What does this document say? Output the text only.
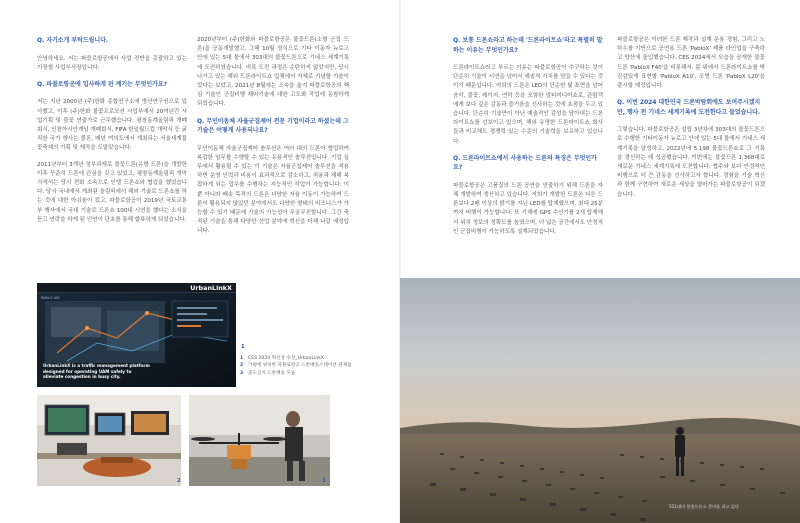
Q. 자기소개 부탁드립니다.

안녕하세요. 저는 파블로항공에서 사업 전반을 총괄하고 있는 이장철 사업부사장입니다.

Q. 파블로항공에 입사하게 된 계기는 무엇인가요?

저는 지난 2000년 (주)한화 종합연구소에 방산연구원으로 입사했고, 이후 (주)한화 불꽃프로모션 사업부에서 20여년간 사업기획 및 불꽃 연출가로 근무했습니다. 평창동계올림픽 개폐회식, 인천아시안게임 개폐회식, FIFA 한일월드컵 개막식 등 굵직한 국가 행사는 물론, 매년 여의도에서 개최되는 서울세계불꽃축제의 기획 및 제작을 도맡았습니다.

2011년부터 3개년 정부과제로 불꽃드론(유형 드론)을 개발한 이후 꾸준히 드론에 관심을 갖고 있었고, 평창동계올림픽 개막식에서는 당시 전화 소속으로 인텔 드론쇼와 협업을 했었습니다. 당시 국내에서 개최된 올림픽에서 해외 기술로 드론쇼를 하는 것에 대한 아쉬움이 컸고, 파블로항공이 2019년 국토교통부 행사에서 국내 기술로 드론쇼 100대 시연을 했다는 소식을 듣고 연락을 하게 된 인연이 단초를 통해 합류하게 되었습니다.

2020년부터 (주)한화와 파블로항공은 불꽃드론(소형 군집 드론)을 공동개발했고, 그해 10월 정식으로 기타 이동자 뉴로고 안에 있는 5대 물에서 303대의 불꽃드론으로 기네스 세계기록에 도전하였습니다. 비록 도전 과정은 순탄하지 않았지만, 당시 나가고 있는 해외 드론라이트쇼 업체에서 자체로 기념할 기술이었다는 보았고, 2021년 8월에는 소속을 옮겨 파블로항공의 핵심 기술인 군집비행 제어기술에 대한 고도화 작업에 동참하게 되었습니다.

Q. 무인이동체 자율군집제어 전문 기업이라고 하셨는데 그 기술은 어떻게 사용되나요?

무인이동체 자율군집제어 솔루션은 여러 대의 드론이 협업하여 복잡한 임무를 수행할 수 있는 유용적인 솔루션입니다. 기업 실무에서 활용될 수 있는 이 기술은 자율군집제어 솔루션을 적용하면 운영 인력과 비용이 효과적으로 감소하고, 적용과 재해 복잡하게 되는 업무를 수행하는 지능적인 작업이 가능합니다. 이 뿐 아니라 배송 목적의 드론은 다양한 자율 이동이 가능하여 드론이 활용되지 않았던 분야에서도 다양한 형태의 비즈니스가 가능할 수 있기 때문에 기술의 가능성이 무궁무진합니다. 그간 축적된 기술을 통해 다양한 산업 분야에 혁신을 더해 나갈 예정입니다.

UrbanLinkX
PABLO AIR
UrbanLinkX is a traffic management platform designed for operating UAM safely to alleviate congestion in busy city.
1
1	CES 2024 혁신상 수상_UrbanLinkX
2	가평에 위치한 파블로항공 드론배송스테이션 관제실
3	준도심지 드론배송 모습
2	3
Q. 보통 드론쇼라고 하는데 '드론라이트쇼'라고 특별히 말하는 이유는 무엇인가요?

드론라이트쇼라고 부르는 이유는 파블로항공이 추구하는 것이 단순히 기술이 시연을 넘어서 예술적 가치를 담을 수 있다는 것이기 때문입니다. 저희의 드론은 LED의 단순한 빛 표현을 넘어 음악, 불꽃, 레이저, 연막 등을 포함한 멀티미디어쇼로, 관람객에게 보다 깊은 감동과 즐거움을 선사하는 것에 초점을 두고 있습니다. 단순히 기술만이 아닌 예술적인 감성을 담아내는 드론라이트쇼를 선보이고 있으며, 해외 유명한 드론라이트쇼 회사들과 비교해도 경쟁력 있는 수준의 기술력을 보유하고 있습니다.

Q. 드론라이트쇼에서 사용하는 드론의 특징은 무엇인가요?

파블로항공은 고품질의 드론 공연을 연출하기 위해 드론을 자체 개발하여 생산하고 있습니다. 저희가 개발한 드론은 다른 드론보다 2배 이상의 밝기를 지닌 LED를 탑재했으며, 최대 25분까지 비행이 가능합니다. 또 기체에 GPS 수신기를 2개 탑재해서 위치 정보의 정확도를 높였으며, 더 넓은 공간에서도 안정적인 군집비행이 가능하도록 설계되었습니다.

파블로항공은 이러한 드론 제작과 설계 운용 경험, 그리고 노하우를 기반으로 공연용 드론 'PabloX' 제품 라인업을 구축하고 양산에 돌입했습니다. CES 2024에서 모습을 공개한 불꽃드론 'PabloX F40'을 비롯해서, 몸 위에서 드론라이트쇼를 박진감있게 표현할 'PabloX A10', 조명 드론 'PabloX L20'을 출시할 예정입니다.

Q. 이번 2024 대한민국 드론박람회에도 보여주시겠지만, 행사 전 기네스 세계기록에 도전한다고 들었습니다.

그렇습니다. 파블로항공은 설립 3년차에 303대의 불꽃드론으로 수행한 기타이동자 뉴로고 안에 있는 5대 물에서 기네스 세계기록을 달성하고, 2022년에 5,198 불꽃드론쇼로 그 기록을 경신하는 데 성공했습니다. 이번에는 불꽃드론 1,368대로 새로운 기네스 세계기록에 도전합니다. 협주와 보다 안정적인 비행으로 더 큰 감동을 선사하고자 합니다. 경험을 기술 혁신과 함께 구현하여 새로운 세상을 열어가는 파블로항공이 되겠습니다.

511대의 불꽃드론쇼 준비를 하고 있다
